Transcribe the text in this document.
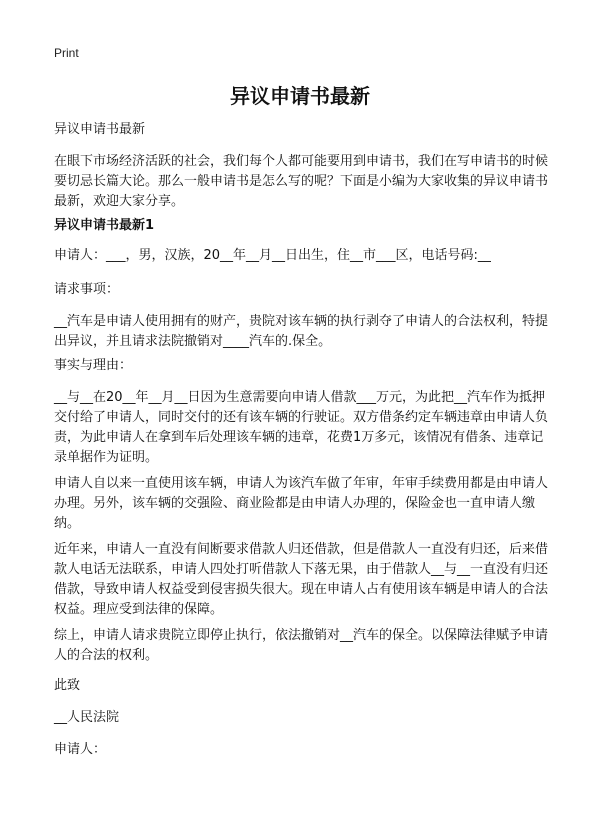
Print
异议申请书最新

异议申请书最新

在眼下市场经济活跃的社会，我们每个人都可能要用到申请书，我们在写申请书的时候要切忌长篇大论。那么一般申请书是怎么写的呢？下面是小编为大家收集的异议申请书最新，欢迎大家分享。

异议申请书最新1

申请人：___，男，汉族，20__年__月__日出生，住__市___区，电话号码:__

请求事项：

__汽车是申请人使用拥有的财产，贵院对该车辆的执行剥夺了申请人的合法权利，特提出异议，并且请求法院撤销对____汽车的.保全。

事实与理由：

__与__在20__年__月__日因为生意需要向申请人借款___万元，为此把__汽车作为抵押交付给了申请人，同时交付的还有该车辆的行驶证。双方借条约定车辆违章由申请人负责，为此申请人在拿到车后处理该车辆的违章，花费1万多元，该情况有借条、违章记录单据作为证明。

申请人自以来一直使用该车辆，申请人为该汽车做了年审，年审手续费用都是由申请人办理。另外，该车辆的交强险、商业险都是由申请人办理的，保险金也一直申请人缴纳。

近年来，申请人一直没有间断要求借款人归还借款，但是借款人一直没有归还，后来借款人电话无法联系，申请人四处打听借款人下落无果，由于借款人__与__一直没有归还借款，导致申请人权益受到侵害损失很大。现在申请人占有使用该车辆是申请人的合法权益。理应受到法律的保障。

综上，申请人请求贵院立即停止执行，依法撤销对__汽车的保全。以保障法律赋予申请人的合法的权利。

此致

__人民法院

申请人：
